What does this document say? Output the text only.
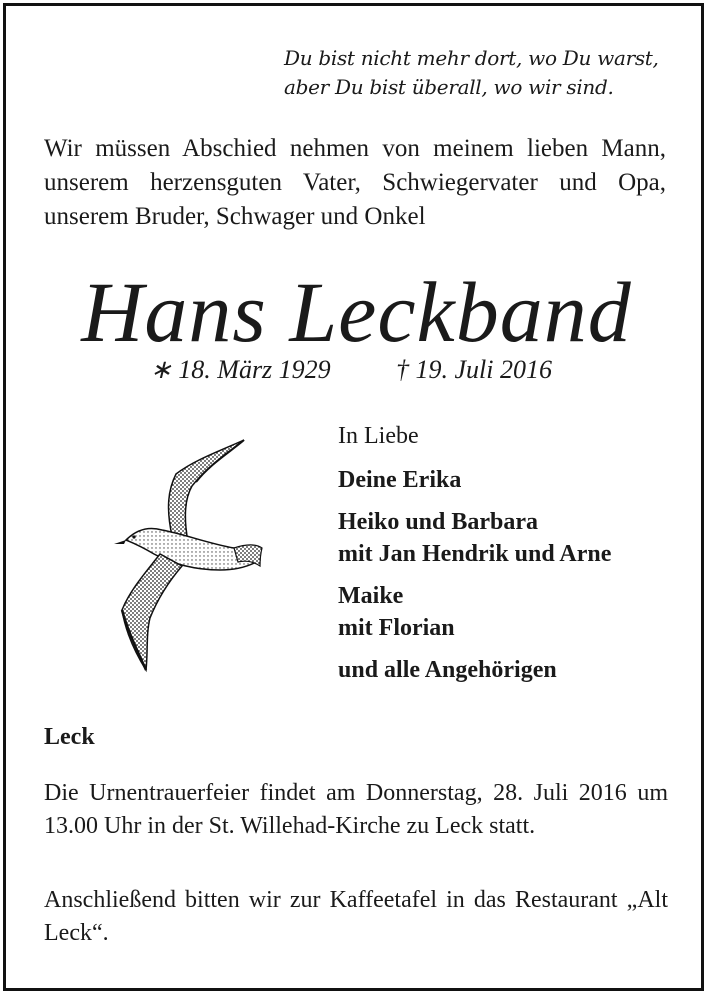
Du bist nicht mehr dort, wo Du warst,
aber Du bist überall, wo wir sind.
Wir müssen Abschied nehmen von meinem lieben Mann, unserem herzensguten Vater, Schwiegervater und Opa, unserem Bruder, Schwager und Onkel
Hans Leckband
∗ 18. März 1929	† 19. Juli 2016
In Liebe
Deine Erika
Heiko und Barbara
mit Jan Hendrik und Arne
Maike
mit Florian
und alle Angehörigen
Leck
Die Urnentrauerfeier findet am Donnerstag, 28. Juli 2016 um 13.00 Uhr in der St. Willehad-Kirche zu Leck statt.
Anschließend bitten wir zur Kaffeetafel in das Restaurant „Alt Leck“.
